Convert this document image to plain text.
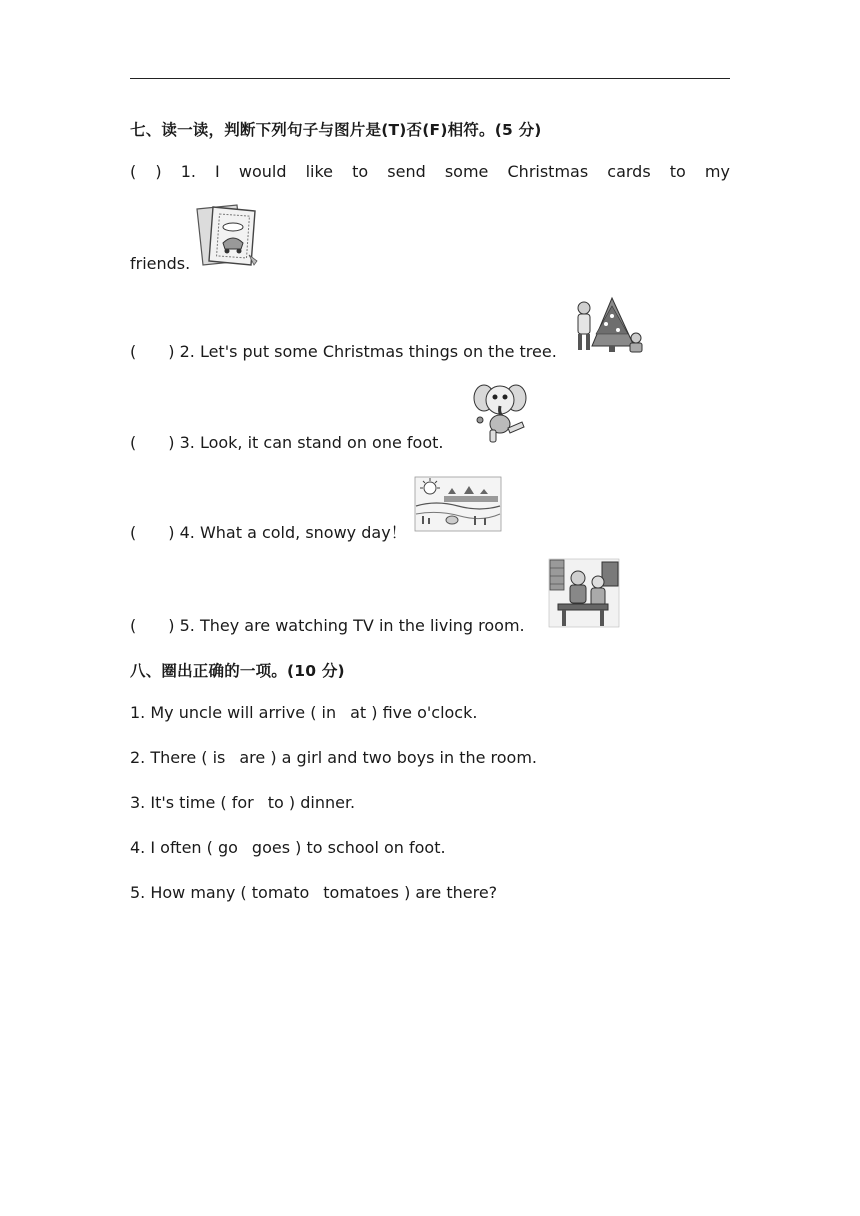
七、读一读，判断下列句子与图片是(T)否(F)相符。(5 分)
( ) 1. I would like to send some Christmas cards to my
friends.
( ) 2. Let's put some Christmas things on the tree.
( ) 3. Look, it can stand on one foot.
( ) 4. What a cold, snowy day！
( ) 5. They are watching TV in the living room.
八、圈出正确的一项。(10 分)
1. My uncle will arrive ( in at ) five o'clock.
2. There ( is are ) a girl and two boys in the room.
3. It's time ( for to ) dinner.
4. I often ( go goes ) to school on foot.
5. How many ( tomato tomatoes ) are there?
